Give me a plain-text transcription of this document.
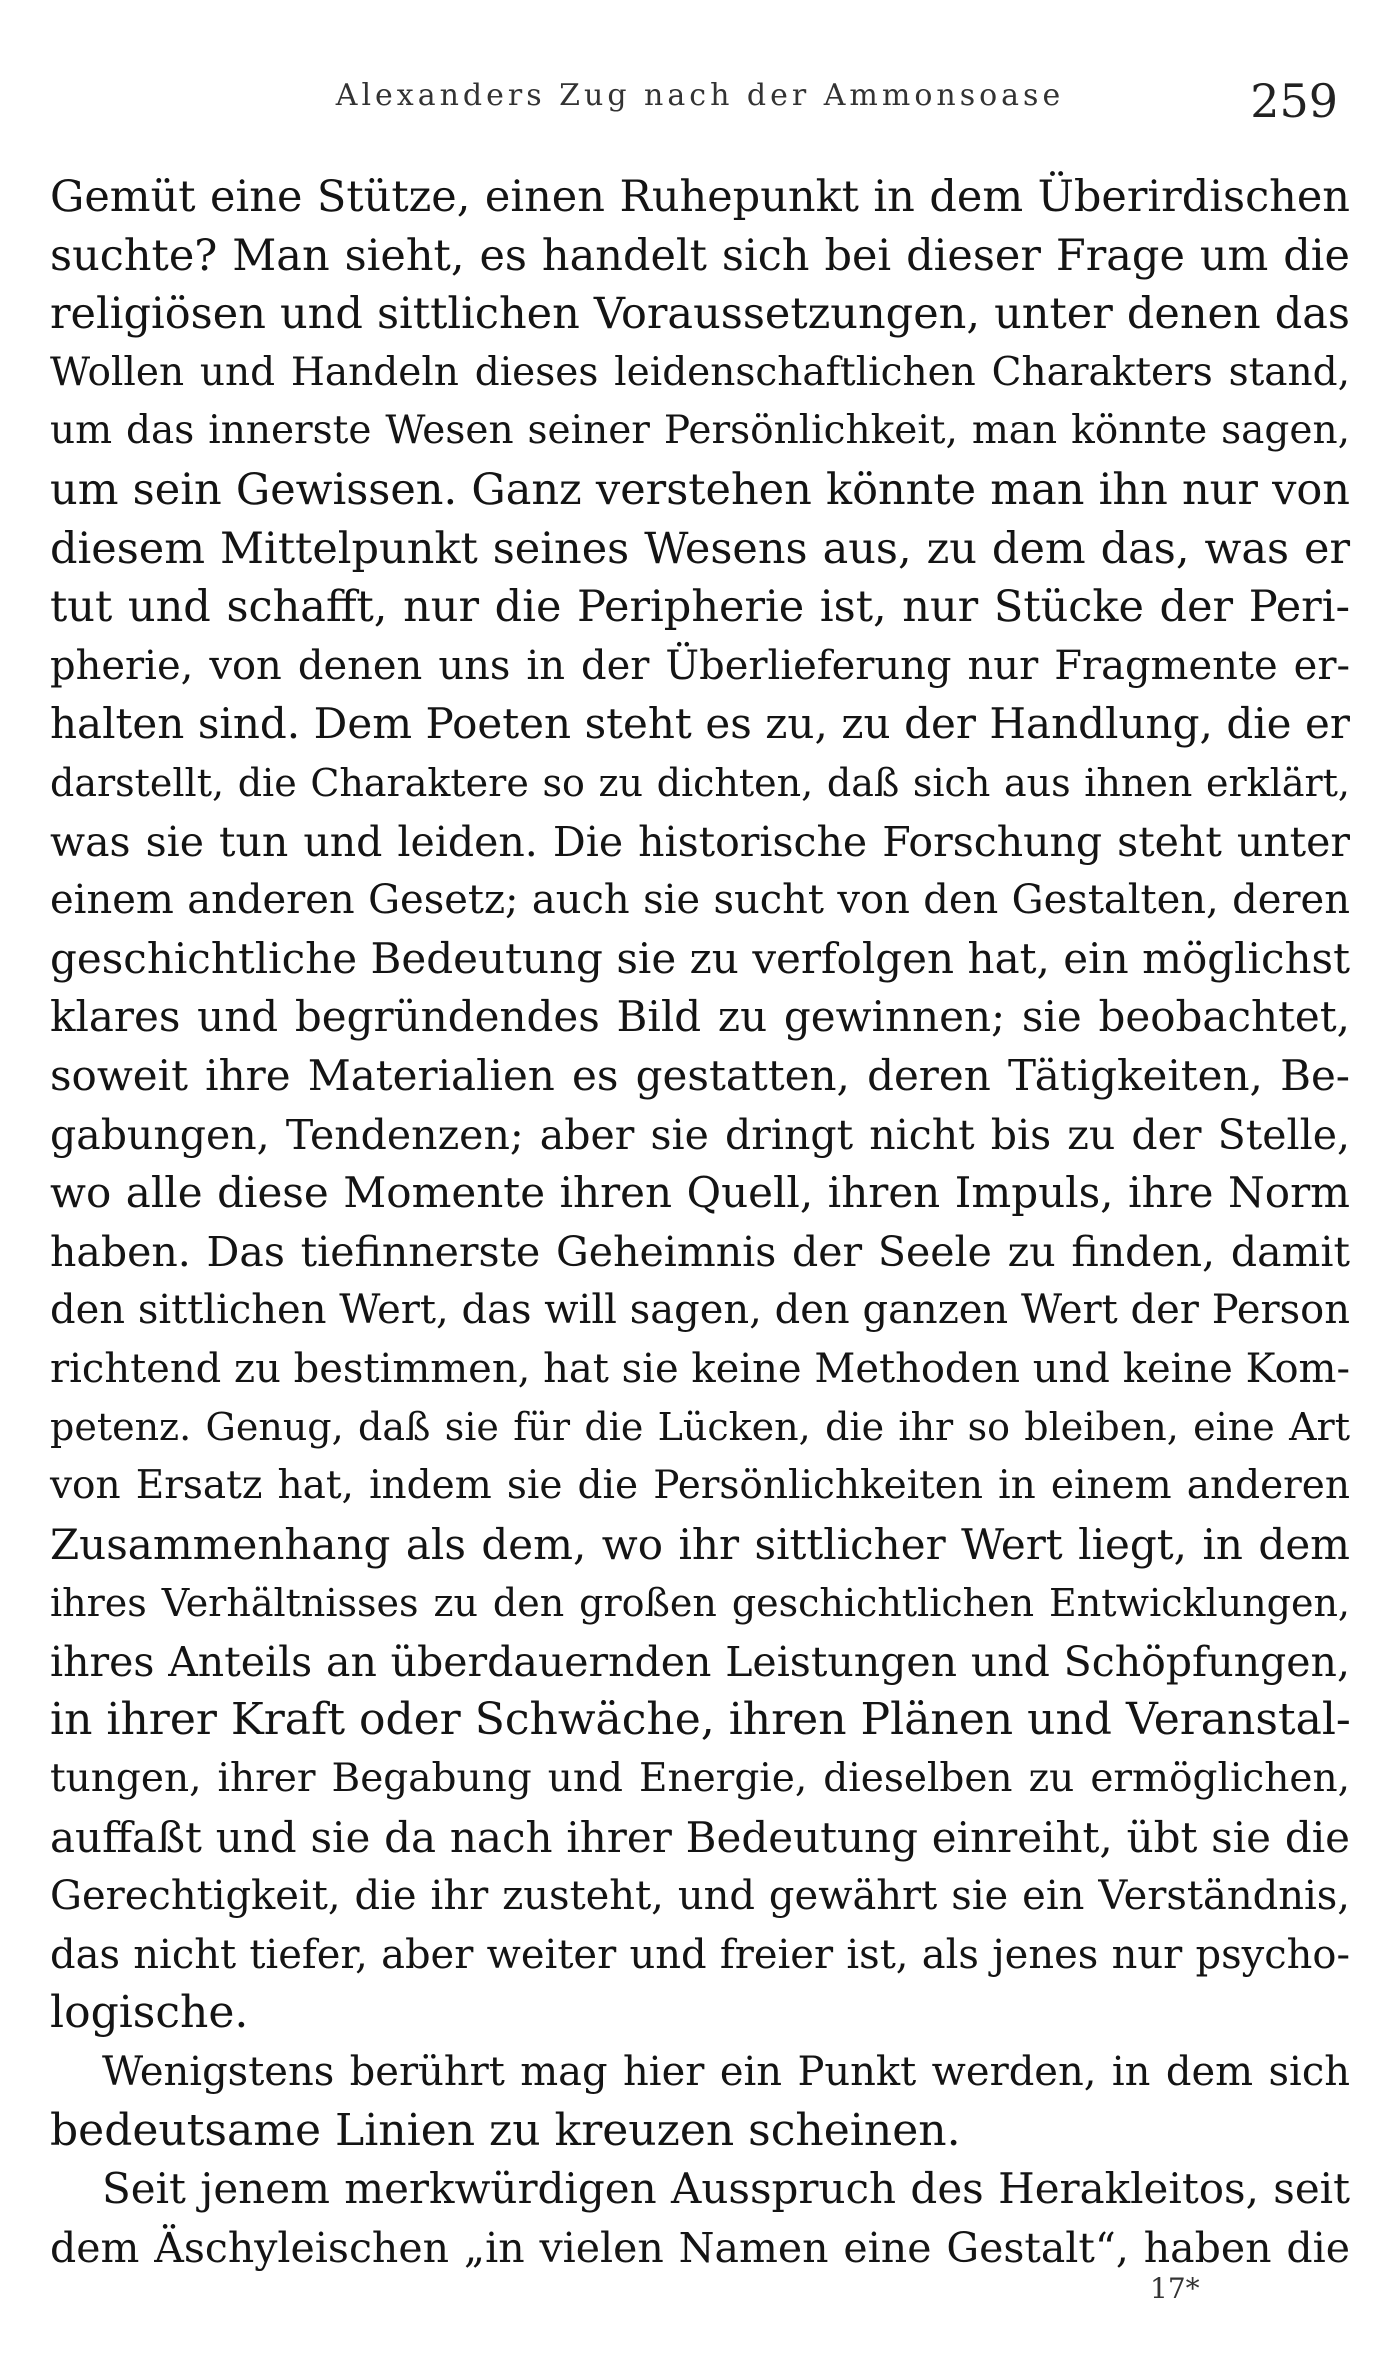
Alexanders Zug nach der Ammonsoase	259
Gemüt eine Stütze, einen Ruhepunkt in dem Überirdischen
suchte? Man sieht, es handelt sich bei dieser Frage um die
religiösen und sittlichen Voraussetzungen, unter denen das
Wollen und Handeln dieses leidenschaftlichen Charakters stand,
um das innerste Wesen seiner Persönlichkeit, man könnte sagen,
um sein Gewissen. Ganz verstehen könnte man ihn nur von
diesem Mittelpunkt seines Wesens aus, zu dem das, was er
tut und schafft, nur die Peripherie ist, nur Stücke der Peri-
pherie, von denen uns in der Überlieferung nur Fragmente er-
halten sind. Dem Poeten steht es zu, zu der Handlung, die er
darstellt, die Charaktere so zu dichten, daß sich aus ihnen erklärt,
was sie tun und leiden. Die historische Forschung steht unter
einem anderen Gesetz; auch sie sucht von den Gestalten, deren
geschichtliche Bedeutung sie zu verfolgen hat, ein möglichst
klares und begründendes Bild zu gewinnen; sie beobachtet,
soweit ihre Materialien es gestatten, deren Tätigkeiten, Be-
gabungen, Tendenzen; aber sie dringt nicht bis zu der Stelle,
wo alle diese Momente ihren Quell, ihren Impuls, ihre Norm
haben. Das tiefinnerste Geheimnis der Seele zu finden, damit
den sittlichen Wert, das will sagen, den ganzen Wert der Person
richtend zu bestimmen, hat sie keine Methoden und keine Kom-
petenz. Genug, daß sie für die Lücken, die ihr so bleiben, eine Art
von Ersatz hat, indem sie die Persönlichkeiten in einem anderen
Zusammenhang als dem, wo ihr sittlicher Wert liegt, in dem
ihres Verhältnisses zu den großen geschichtlichen Entwicklungen,
ihres Anteils an überdauernden Leistungen und Schöpfungen,
in ihrer Kraft oder Schwäche, ihren Plänen und Veranstal-
tungen, ihrer Begabung und Energie, dieselben zu ermöglichen,
auffaßt und sie da nach ihrer Bedeutung einreiht, übt sie die
Gerechtigkeit, die ihr zusteht, und gewährt sie ein Verständnis,
das nicht tiefer, aber weiter und freier ist, als jenes nur psycho-
logische.
Wenigstens berührt mag hier ein Punkt werden, in dem sich
bedeutsame Linien zu kreuzen scheinen.
Seit jenem merkwürdigen Ausspruch des Herakleitos, seit
dem Äschyleischen „in vielen Namen eine Gestalt“, haben die
17*
